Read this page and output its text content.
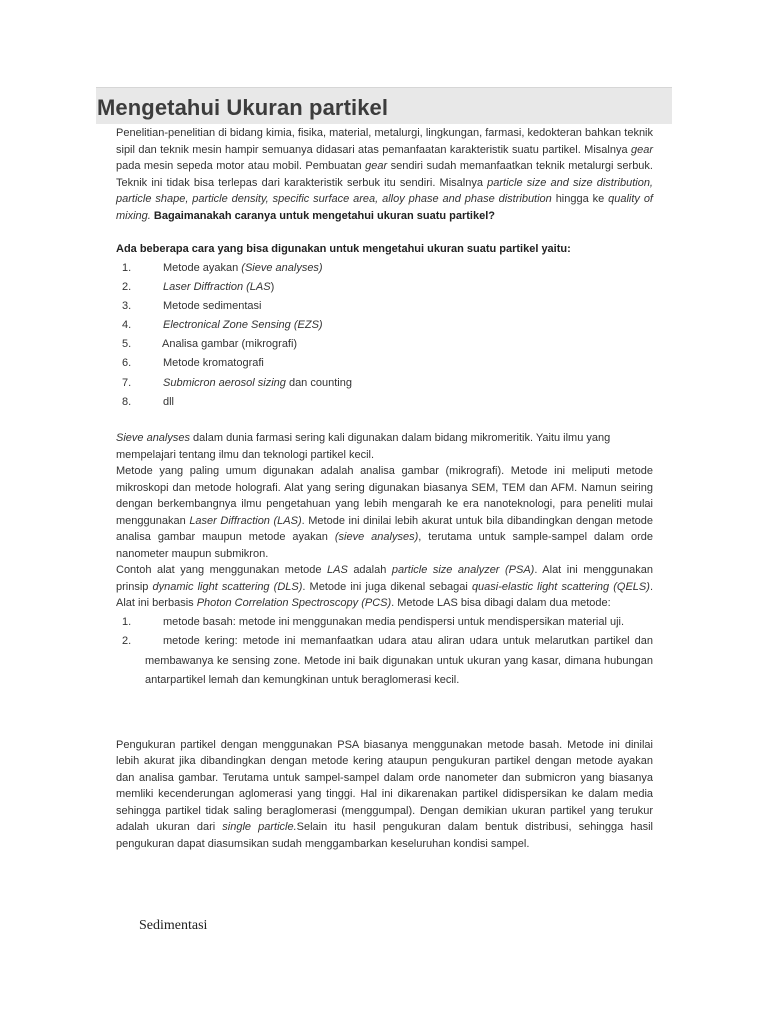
Mengetahui Ukuran partikel

Penelitian-penelitian di bidang kimia, fisika, material, metalurgi, lingkungan, farmasi, kedokteran bahkan teknik sipil dan teknik mesin hampir semuanya didasari atas pemanfaatan karakteristik suatu partikel. Misalnya gear pada mesin sepeda motor atau mobil. Pembuatan gear sendiri sudah memanfaatkan teknik metalurgi serbuk. Teknik ini tidak bisa terlepas dari karakteristik serbuk itu sendiri. Misalnya particle size and size distribution, particle shape, particle density, specific surface area, alloy phase and phase distribution hingga ke quality of mixing. Bagaimanakah caranya untuk mengetahui ukuran suatu partikel?

Ada beberapa cara yang bisa digunakan untuk mengetahui ukuran suatu partikel yaitu:

1.	Metode ayakan (Sieve analyses)
2.	Laser Diffraction (LAS)
3.	Metode sedimentasi
4.	Electronical Zone Sensing (EZS)
5.	Analisa gambar (mikrografi)
6.	Metode kromatografi
7.	Submicron aerosol sizing dan counting
8.	dll

Sieve analyses dalam dunia farmasi sering kali digunakan dalam bidang mikromeritik. Yaitu ilmu yang mempelajari tentang ilmu dan teknologi partikel kecil.

Metode yang paling umum digunakan adalah analisa gambar (mikrografi). Metode ini meliputi metode mikroskopi dan metode holografi. Alat yang sering digunakan biasanya SEM, TEM dan AFM. Namun seiring dengan berkembangnya ilmu pengetahuan yang lebih mengarah ke era nanoteknologi, para peneliti mulai menggunakan Laser Diffraction (LAS). Metode ini dinilai lebih akurat untuk bila dibandingkan dengan metode analisa gambar maupun metode ayakan (sieve analyses), terutama untuk sample-sampel dalam orde nanometer maupun submikron.

Contoh alat yang menggunakan metode LAS adalah particle size analyzer (PSA). Alat ini menggunakan prinsip dynamic light scattering (DLS). Metode ini juga dikenal sebagai quasi-elastic light scattering (QELS). Alat ini berbasis Photon Correlation Spectroscopy (PCS). Metode LAS bisa dibagi dalam dua metode:

1.	metode basah: metode ini menggunakan media pendispersi untuk mendispersikan material uji.
2.	metode kering: metode ini memanfaatkan udara atau aliran udara untuk melarutkan partikel dan membawanya ke sensing zone. Metode ini baik digunakan untuk ukuran yang kasar, dimana hubungan antarpartikel lemah dan kemungkinan untuk beraglomerasi kecil.

Pengukuran partikel dengan menggunakan PSA biasanya menggunakan metode basah. Metode ini dinilai lebih akurat jika dibandingkan dengan metode kering ataupun pengukuran partikel dengan metode ayakan dan analisa gambar. Terutama untuk sampel-sampel dalam orde nanometer dan submicron yang biasanya memliki kecenderungan aglomerasi yang tinggi. Hal ini dikarenakan partikel didispersikan ke dalam media sehingga partikel tidak saling beraglomerasi (menggumpal). Dengan demikian ukuran partikel yang terukur adalah ukuran dari single particle.Selain itu hasil pengukuran dalam bentuk distribusi, sehingga hasil pengukuran dapat diasumsikan sudah menggambarkan keseluruhan kondisi sampel.

Sedimentasi
